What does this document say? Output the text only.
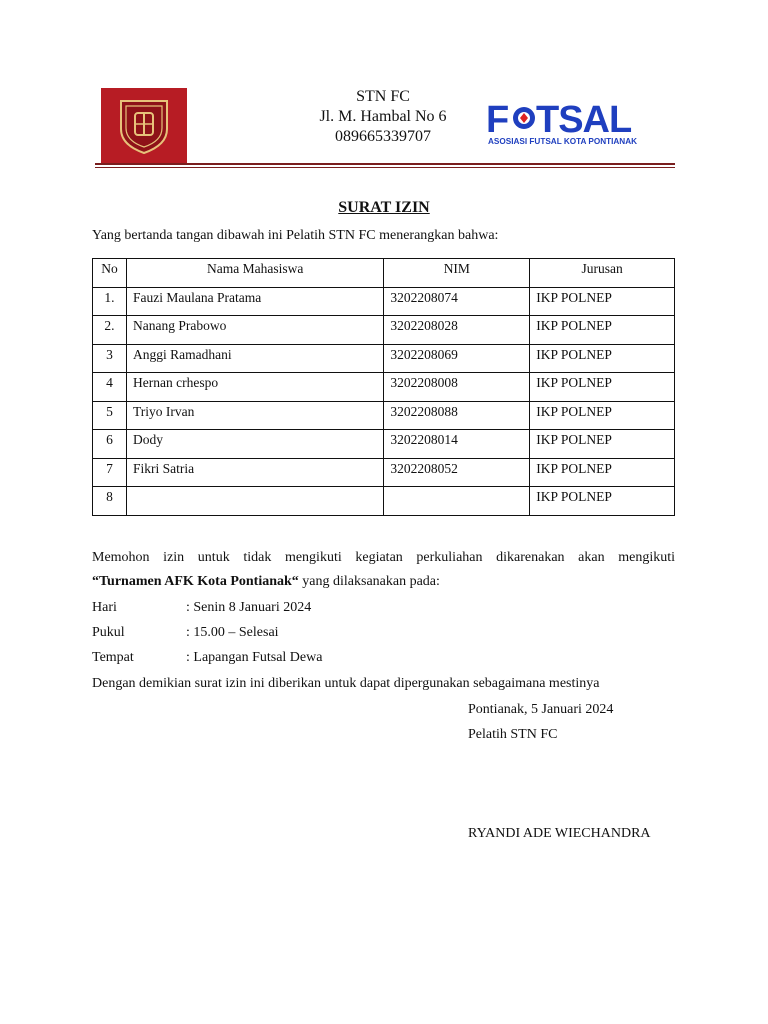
STN FC
Jl. M. Hambal No 6
089665339707	F TSAL
ASOSIASI FUTSAL KOTA PONTIANAK
SURAT IZIN
Yang bertanda tangan dibawah ini Pelatih STN FC menerangkan bahwa:
No	Nama Mahasiswa	NIM	Jurusan
1.	Fauzi Maulana Pratama	3202208074	IKP POLNEP
2.	Nanang Prabowo	3202208028	IKP POLNEP
3	Anggi Ramadhani	3202208069	IKP POLNEP
4	Hernan crhespo	3202208008	IKP POLNEP
5	Triyo Irvan	3202208088	IKP POLNEP
6	Dody	3202208014	IKP POLNEP
7	Fikri Satria	3202208052	IKP POLNEP
8			IKP POLNEP
Memohon izin untuk tidak mengikuti kegiatan perkuliahan dikarenakan akan mengikuti
“Turnamen AFK Kota Pontianak“ yang dilaksanakan pada:
Hari	: Senin 8 Januari 2024
Pukul	: 15.00 – Selesai
Tempat	: Lapangan Futsal Dewa
Dengan demikian surat izin ini diberikan untuk dapat dipergunakan sebagaimana mestinya
Pontianak, 5 Januari 2024
Pelatih STN FC
RYANDI ADE WIECHANDRA
